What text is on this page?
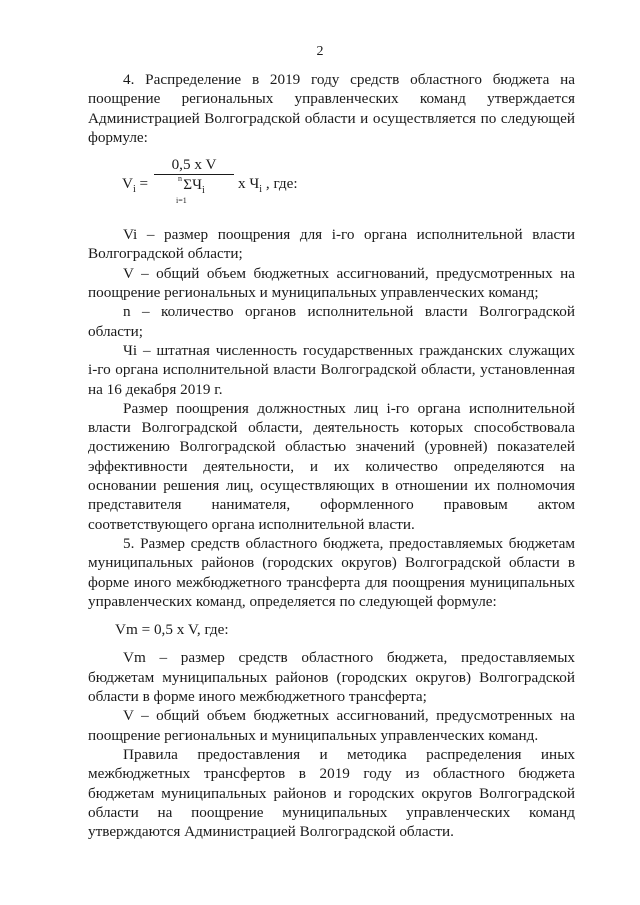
2

4. Распределение в 2019 году средств областного бюджета на поощрение региональных управленческих команд утверждается Администрацией Волгоградской области и осуществляется по следующей формуле:

$V_i$ =
0,5 x V
n $\Sigma Ч_i$
i=1
x $Ч_i$ , где:

Vi – размер поощрения для i-го органа исполнительной власти Волгоградской области;

V – общий объем бюджетных ассигнований, предусмотренных на поощрение региональных и муниципальных управленческих команд;

n – количество органов исполнительной власти Волгоградской области;

Чi – штатная численность государственных гражданских служащих i-го органа исполнительной власти Волгоградской области, установленная на 16 декабря 2019 г.

Размер поощрения должностных лиц i-го органа исполнительной власти Волгоградской области, деятельность которых способствовала достижению Волгоградской областью значений (уровней) показателей эффективности деятельности, и их количество определяются на основании решения лиц, осуществляющих в отношении их полномочия представителя нанимателя, оформленного правовым актом соответствующего органа исполнительной власти.

5. Размер средств областного бюджета, предоставляемых бюджетам муниципальных районов (городских округов) Волгоградской области в форме иного межбюджетного трансферта для поощрения муниципальных управленческих команд, определяется по следующей формуле:

Vm = 0,5 x V, где:

Vm – размер средств областного бюджета, предоставляемых бюджетам муниципальных районов (городских округов) Волгоградской области в форме иного межбюджетного трансферта;

V – общий объем бюджетных ассигнований, предусмотренных на поощрение региональных и муниципальных управленческих команд.

Правила предоставления и методика распределения иных межбюджетных трансфертов в 2019 году из областного бюджета бюджетам муниципальных районов и городских округов Волгоградской области на поощрение муниципальных управленческих команд утверждаются Администрацией Волгоградской области.
